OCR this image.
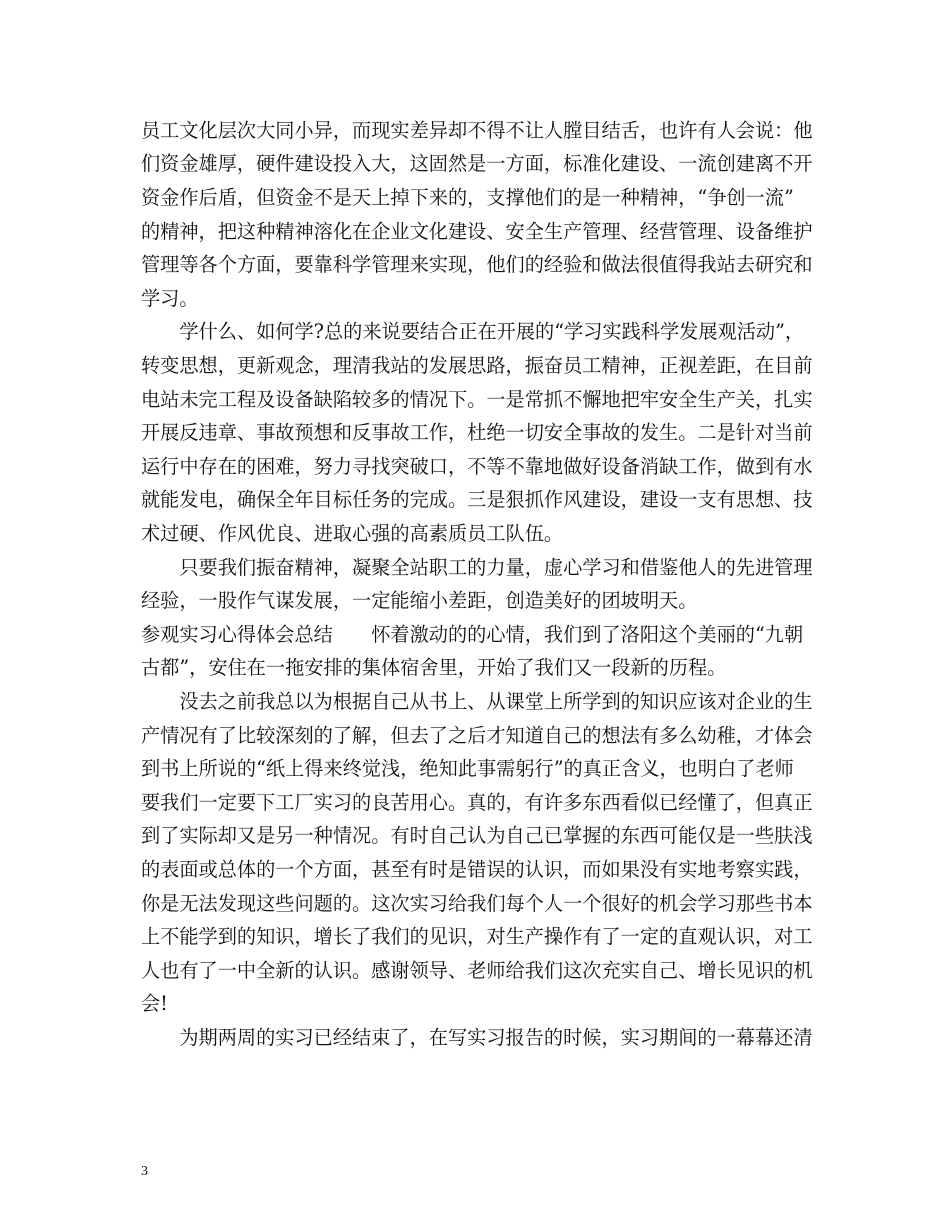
员工文化层次大同小异，而现实差异却不得不让人膛目结舌，也许有人会说：他
们资金雄厚，硬件建设投入大，这固然是一方面，标准化建设、一流创建离不开
资金作后盾，但资金不是天上掉下来的，支撑他们的是一种精神，“争创一流”
的精神，把这种精神溶化在企业文化建设、安全生产管理、经营管理、设备维护
管理等各个方面，要靠科学管理来实现，他们的经验和做法很值得我站去研究和
学习。
　　学什么、如何学?总的来说要结合正在开展的“学习实践科学发展观活动”，
转变思想，更新观念，理清我站的发展思路，振奋员工精神，正视差距，在目前
电站未完工程及设备缺陷较多的情况下。一是常抓不懈地把牢安全生产关，扎实
开展反违章、事故预想和反事故工作，杜绝一切安全事故的发生。二是针对当前
运行中存在的困难，努力寻找突破口，不等不靠地做好设备消缺工作，做到有水
就能发电，确保全年目标任务的完成。三是狠抓作风建设，建设一支有思想、技
术过硬、作风优良、进取心强的高素质员工队伍。
　　只要我们振奋精神，凝聚全站职工的力量，虚心学习和借鉴他人的先进管理
经验，一股作气谋发展，一定能缩小差距，创造美好的团坡明天。
参观实习心得体会总结　　怀着激动的的心情，我们到了洛阳这个美丽的“九朝
古都”，安住在一拖安排的集体宿舍里，开始了我们又一段新的历程。
　　没去之前我总以为根据自己从书上、从课堂上所学到的知识应该对企业的生
产情况有了比较深刻的了解，但去了之后才知道自己的想法有多么幼稚，才体会
到书上所说的“纸上得来终觉浅，绝知此事需躬行”的真正含义，也明白了老师
要我们一定要下工厂实习的良苦用心。真的，有许多东西看似已经懂了，但真正
到了实际却又是另一种情况。有时自己认为自己已掌握的东西可能仅是一些肤浅
的表面或总体的一个方面，甚至有时是错误的认识，而如果没有实地考察实践，
你是无法发现这些问题的。这次实习给我们每个人一个很好的机会学习那些书本
上不能学到的知识，增长了我们的见识，对生产操作有了一定的直观认识，对工
人也有了一中全新的认识。感谢领导、老师给我们这次充实自己、增长见识的机
会!
　　为期两周的实习已经结束了，在写实习报告的时候，实习期间的一幕幕还清
3
